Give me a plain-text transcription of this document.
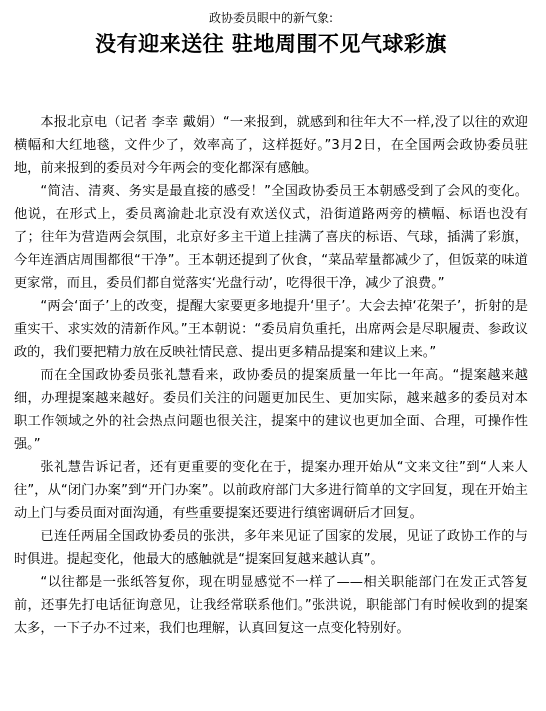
政协委员眼中的新气象:

没有迎来送往 驻地周围不见气球彩旗

本报北京电（记者 李幸 戴娟）“一来报到，就感到和往年大不一样,没了以往的欢迎横幅和大红地毯，文件少了，效率高了，这样挺好。”3月2日，在全国两会政协委员驻地，前来报到的委员对今年两会的变化都深有感触。

“简洁、清爽、务实是最直接的感受！”全国政协委员王本朝感受到了会风的变化。他说，在形式上，委员离渝赴北京没有欢送仪式，沿街道路两旁的横幅、标语也没有了；往年为营造两会氛围，北京好多主干道上挂满了喜庆的标语、气球，插满了彩旗，今年连酒店周围都很“干净”。王本朝还提到了伙食，“菜品荤量都减少了，但饭菜的味道更家常，而且，委员们都自觉落实‘光盘行动’，吃得很干净，减少了浪费。”

“两会‘面子’上的改变，提醒大家要更多地提升‘里子’。大会去掉‘花架子’，折射的是重实干、求实效的清新作风。”王本朝说：“委员肩负重托，出席两会是尽职履责、参政议政的，我们要把精力放在反映社情民意、提出更多精品提案和建议上来。”

而在全国政协委员张礼慧看来，政协委员的提案质量一年比一年高。“提案越来越细，办理提案越来越好。委员们关注的问题更加民生、更加实际，越来越多的委员对本职工作领域之外的社会热点问题也很关注，提案中的建议也更加全面、合理，可操作性强。”

张礼慧告诉记者，还有更重要的变化在于，提案办理开始从“文来文往”到“人来人往”，从“闭门办案”到“开门办案”。以前政府部门大多进行简单的文字回复，现在开始主动上门与委员面对面沟通，有些重要提案还要进行缜密调研后才回复。

已连任两届全国政协委员的张洪，多年来见证了国家的发展，见证了政协工作的与时俱进。提起变化，他最大的感触就是“提案回复越来越认真”。

“以往都是一张纸答复你，现在明显感觉不一样了——相关职能部门在发正式答复前，还事先打电话征询意见，让我经常联系他们。”张洪说，职能部门有时候收到的提案太多，一下子办不过来，我们也理解，认真回复这一点变化特别好。
